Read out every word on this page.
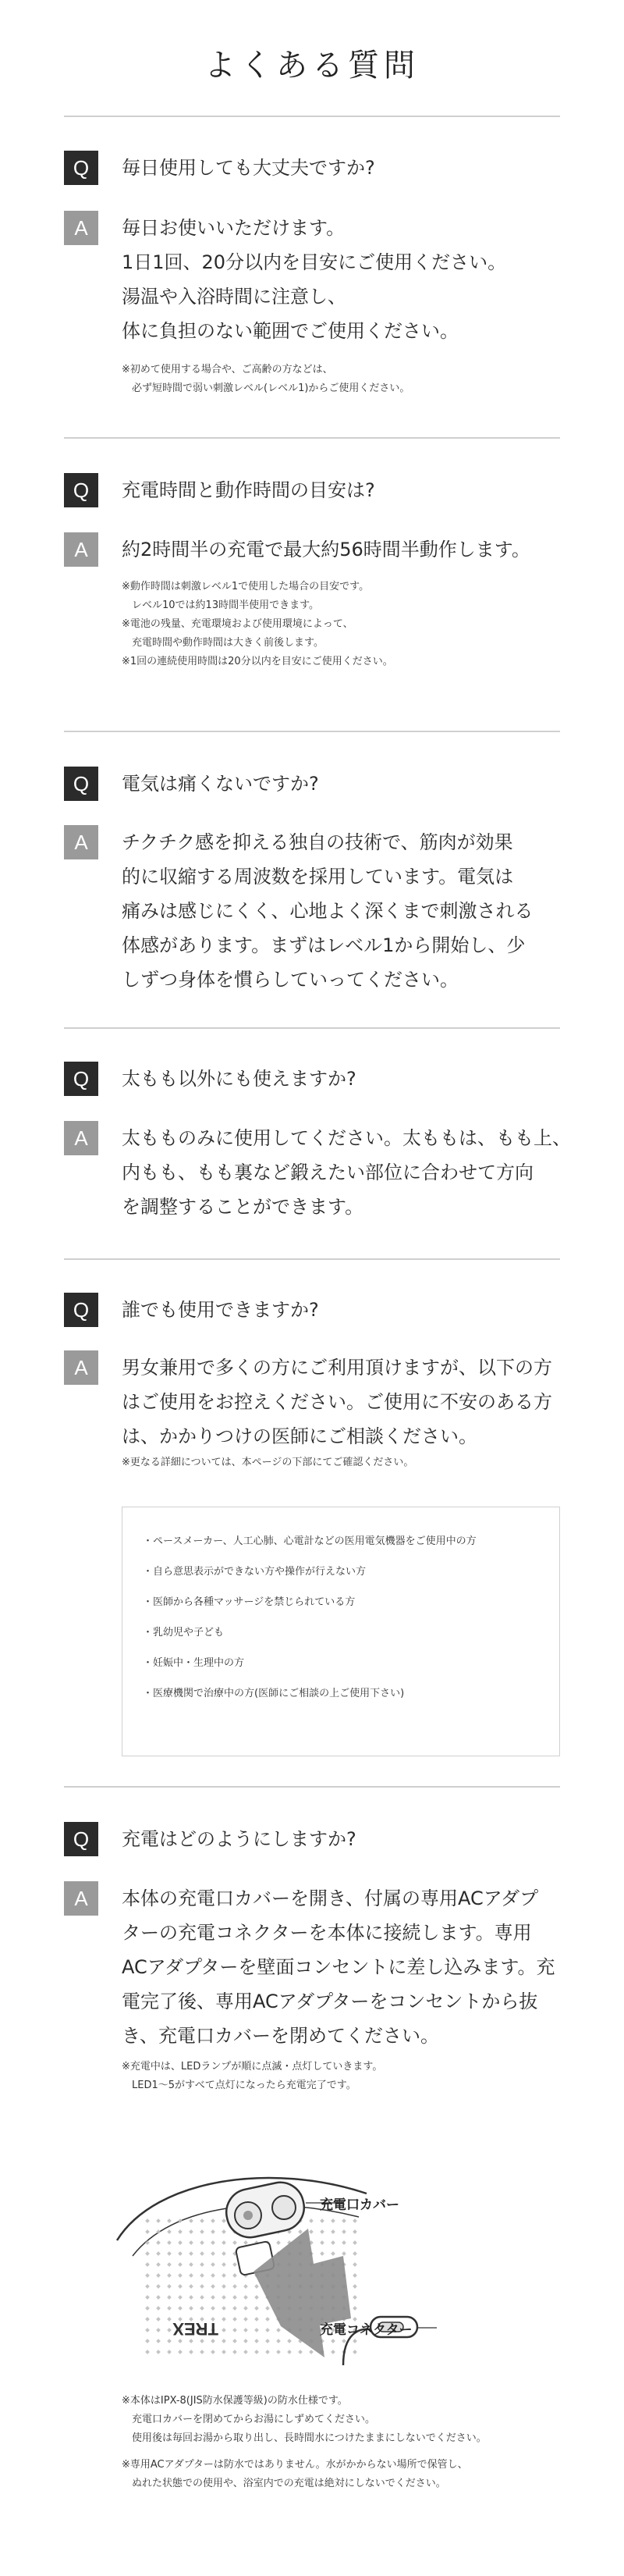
よくある質問
Q	毎日使用しても大丈夫ですか?
A	毎日お使いいただけます。
1日1回、20分以内を目安にご使用ください。
湯温や入浴時間に注意し、
体に負担のない範囲でご使用ください。
※初めて使用する場合や、ご高齢の方などは、
　必ず短時間で弱い刺激レベル(レベル1)からご使用ください。
Q	充電時間と動作時間の目安は?
A	約2時間半の充電で最大約56時間半動作します。
※動作時間は刺激レベル1で使用した場合の目安です。
　レベル10では約13時間半使用できます。
※電池の残量、充電環境および使用環境によって、
　充電時間や動作時間は大きく前後します。
※1回の連続使用時間は20分以内を目安にご使用ください。
Q	電気は痛くないですか?
A	チクチク感を抑える独自の技術で、筋肉が効果
的に収縮する周波数を採用しています。電気は
痛みは感じにくく、心地よく深くまで刺激される
体感があります。まずはレベル1から開始し、少
しずつ身体を慣らしていってください。
Q	太もも以外にも使えますか?
A	太もものみに使用してください。太ももは、もも上、
内もも、もも裏など鍛えたい部位に合わせて方向
を調整することができます。
Q	誰でも使用できますか?
A	男女兼用で多くの方にご利用頂けますが、以下の方
はご使用をお控えください。ご使用に不安のある方
は、かかりつけの医師にご相談ください。
※更なる詳細については、本ページの下部にてご確認ください。
・ペースメーカー、人工心肺、心電計などの医用電気機器をご使用中の方
・自ら意思表示ができない方や操作が行えない方
・医師から各種マッサージを禁じられている方
・乳幼児や子ども
・妊娠中・生理中の方
・医療機関で治療中の方(医師にご相談の上ご使用下さい)
Q	充電はどのようにしますか?
A	本体の充電口カバーを開き、付属の専用ACアダプ
ターの充電コネクターを本体に接続します。専用
ACアダプターを壁面コンセントに差し込みます。充
電完了後、専用ACアダプターをコンセントから抜
き、充電口カバーを閉めてください。
※充電中は、LEDランプが順に点滅・点灯していきます。
　LED1～5がすべて点灯になったら充電完了です。
TREX
充電口カバー
充電コネクター
※本体はIPX-8(JIS防水保護等級)の防水仕様です。
　充電口カバーを閉めてからお湯にしずめてください。
　使用後は毎回お湯から取り出し、長時間水につけたままにしないでください。
※専用ACアダプターは防水ではありません。水がかからない場所で保管し、
　ぬれた状態での使用や、浴室内での充電は絶対にしないでください。
